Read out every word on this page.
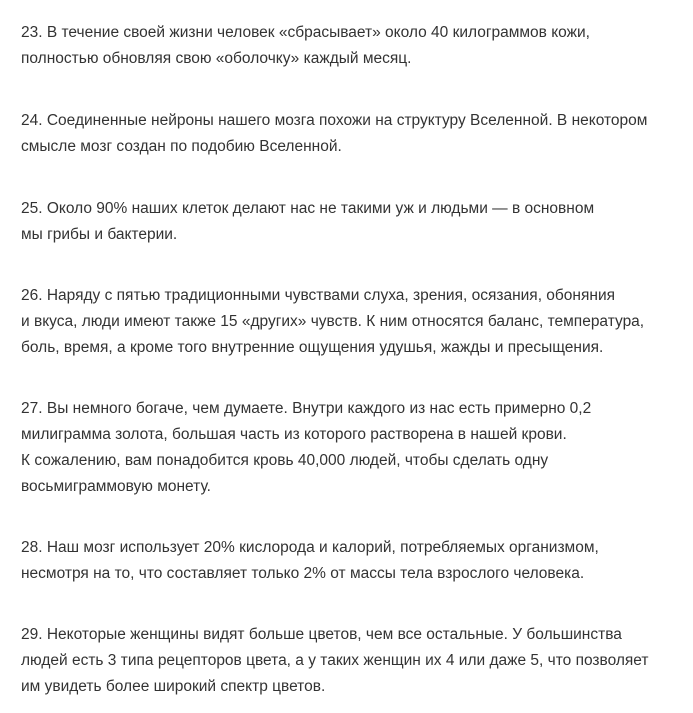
23. В течение своей жизни человек «сбрасывает» около 40 килограммов кожи,
полностью обновляя свою «оболочку» каждый месяц.

24. Соединенные нейроны нашего мозга похожи на структуру Вселенной. В некотором
смысле мозг создан по подобию Вселенной.

25. Около 90% наших клеток делают нас не такими уж и людьми — в основном
мы грибы и бактерии.

26. Наряду с пятью традиционными чувствами слуха, зрения, осязания, обоняния
и вкуса, люди имеют также 15 «других» чувств. К ним относятся баланс, температура,
боль, время, а кроме того внутренние ощущения удушья, жажды и пресыщения.

27. Вы немного богаче, чем думаете. Внутри каждого из нас есть примерно 0,2
милиграмма золота, большая часть из которого растворена в нашей крови.
К сожалению, вам понадобится кровь 40,000 людей, чтобы сделать одну
восьмиграммовую монету.

28. Наш мозг использует 20% кислорода и калорий, потребляемых организмом,
несмотря на то, что составляет только 2% от массы тела взрослого человека.

29. Некоторые женщины видят больше цветов, чем все остальные. У большинства
людей есть 3 типа рецепторов цвета, а у таких женщин их 4 или даже 5, что позволяет
им увидеть более широкий спектр цветов.
